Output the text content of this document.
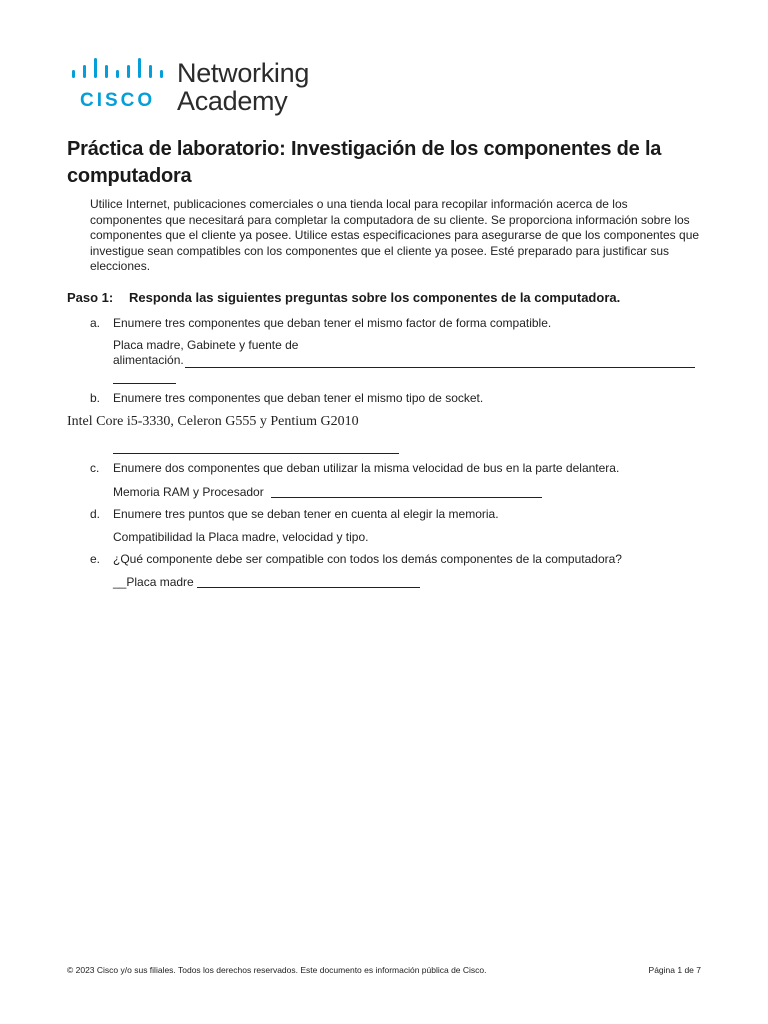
CISCO
Networking
Academy
Práctica de laboratorio: Investigación de los componentes de la computadora
Utilice Internet, publicaciones comerciales o una tienda local para recopilar información acerca de los componentes que necesitará para completar la computadora de su cliente. Se proporciona información sobre los componentes que el cliente ya posee. Utilice estas especificaciones para asegurarse de que los componentes que investigue sean compatibles con los componentes que el cliente ya posee. Esté preparado para justificar sus elecciones.
Paso 1: Responda las siguientes preguntas sobre los componentes de la computadora.
a.	Enumere tres componentes que deban tener el mismo factor de forma compatible.
Placa madre, Gabinete y fuente de
alimentación.
b.	Enumere tres componentes que deban tener el mismo tipo de socket.
Intel Core i5-3330, Celeron G555 y Pentium G2010
c.	Enumere dos componentes que deban utilizar la misma velocidad de bus en la parte delantera.
Memoria RAM y Procesador
d.	Enumere tres puntos que se deban tener en cuenta al elegir la memoria.
Compatibilidad la Placa madre, velocidad y tipo.
e.	¿Qué componente debe ser compatible con todos los demás componentes de la computadora?
__Placa madre
© 2023 Cisco y/o sus filiales. Todos los derechos reservados. Este documento es información pública de Cisco.	Página 1 de 7
